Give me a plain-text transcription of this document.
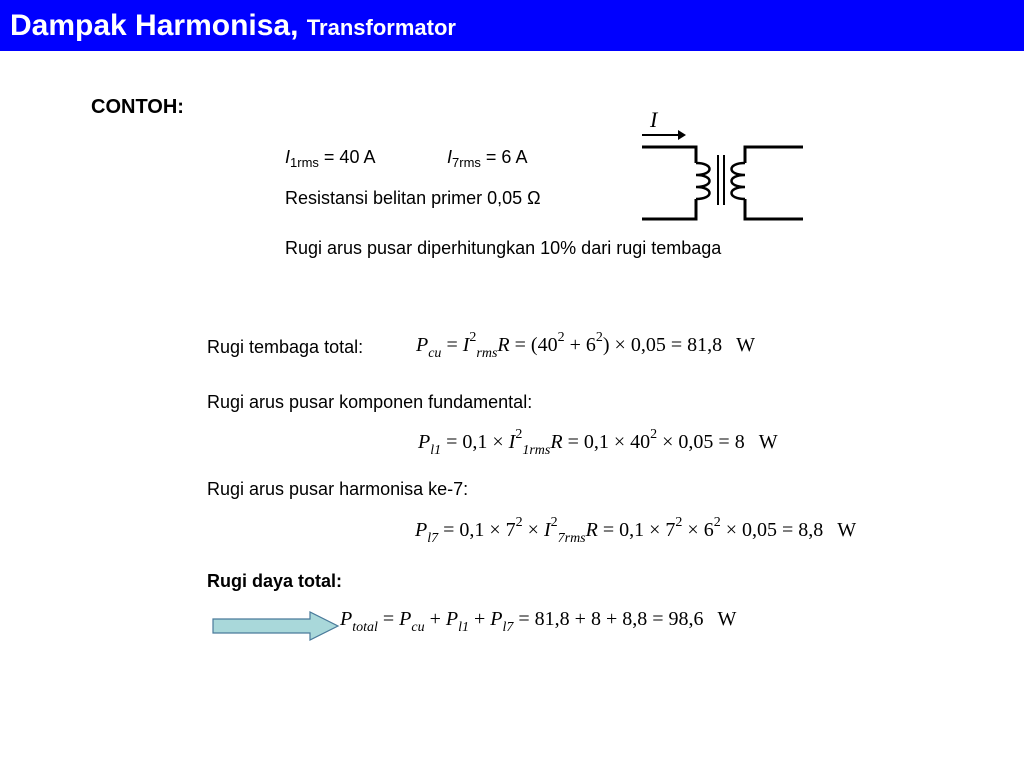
Dampak Harmonisa, Transformator
CONTOH:
$I_{1rms} = 40$ A	$I_{7rms} = 6$ A
Resistansi belitan primer 0,05 Ω
Rugi arus pusar diperhitungkan 10% dari rugi tembaga
I
Rugi tembaga total:	$P_{cu} = I^2_{rms}R = (40^2 + 6^2) \times 0,05 = 81,8$ W
Rugi arus pusar komponen fundamental:
$P_{l1} = 0,1 \times I^2_{1rms}R = 0,1 \times 40^2 \times 0,05 = 8$ W
Rugi arus pusar harmonisa ke-7:
$P_{l7} = 0,1 \times 7^2 \times I^2_{7rms}R = 0,1 \times 7^2 \times 6^2 \times 0,05 = 8,8$ W
Rugi daya total:
$P_{total} = P_{cu} + P_{l1} + P_{l7} = 81,8 + 8 + 8,8 = 98,6$ W
